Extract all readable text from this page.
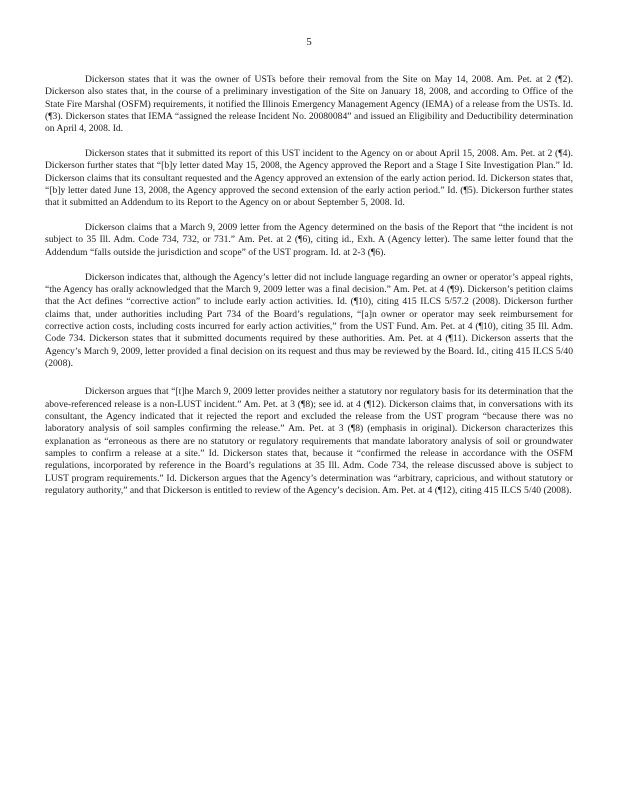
5

Dickerson states that it was the owner of USTs before their removal from the Site on May 14, 2008. Am. Pet. at 2 (¶2). Dickerson also states that, in the course of a preliminary investigation of the Site on January 18, 2008, and according to Office of the State Fire Marshal (OSFM) requirements, it notified the Illinois Emergency Management Agency (IEMA) of a release from the USTs. Id. (¶3). Dickerson states that IEMA “assigned the release Incident No. 20080084” and issued an Eligibility and Deductibility determination on April 4, 2008. Id.

Dickerson states that it submitted its report of this UST incident to the Agency on or about April 15, 2008. Am. Pet. at 2 (¶4). Dickerson further states that “[b]y letter dated May 15, 2008, the Agency approved the Report and a Stage I Site Investigation Plan.” Id. Dickerson claims that its consultant requested and the Agency approved an extension of the early action period. Id. Dickerson states that, “[b]y letter dated June 13, 2008, the Agency approved the second extension of the early action period.” Id. (¶5). Dickerson further states that it submitted an Addendum to its Report to the Agency on or about September 5, 2008. Id.

Dickerson claims that a March 9, 2009 letter from the Agency determined on the basis of the Report that “the incident is not subject to 35 Ill. Adm. Code 734, 732, or 731.” Am. Pet. at 2 (¶6), citing id., Exh. A (Agency letter). The same letter found that the Addendum “falls outside the jurisdiction and scope” of the UST program. Id. at 2-3 (¶6).

Dickerson indicates that, although the Agency’s letter did not include language regarding an owner or operator’s appeal rights, “the Agency has orally acknowledged that the March 9, 2009 letter was a final decision.” Am. Pet. at 4 (¶9). Dickerson’s petition claims that the Act defines “corrective action” to include early action activities. Id. (¶10), citing 415 ILCS 5/57.2 (2008). Dickerson further claims that, under authorities including Part 734 of the Board’s regulations, “[a]n owner or operator may seek reimbursement for corrective action costs, including costs incurred for early action activities,” from the UST Fund. Am. Pet. at 4 (¶10), citing 35 Ill. Adm. Code 734. Dickerson states that it submitted documents required by these authorities. Am. Pet. at 4 (¶11). Dickerson asserts that the Agency’s March 9, 2009, letter provided a final decision on its request and thus may be reviewed by the Board. Id., citing 415 ILCS 5/40 (2008).

Dickerson argues that “[t]he March 9, 2009 letter provides neither a statutory nor regulatory basis for its determination that the above-referenced release is a non-LUST incident.” Am. Pet. at 3 (¶8); see id. at 4 (¶12). Dickerson claims that, in conversations with its consultant, the Agency indicated that it rejected the report and excluded the release from the UST program “because there was no laboratory analysis of soil samples confirming the release.” Am. Pet. at 3 (¶8) (emphasis in original). Dickerson characterizes this explanation as “erroneous as there are no statutory or regulatory requirements that mandate laboratory analysis of soil or groundwater samples to confirm a release at a site.” Id. Dickerson states that, because it “confirmed the release in accordance with the OSFM regulations, incorporated by reference in the Board’s regulations at 35 Ill. Adm. Code 734, the release discussed above is subject to LUST program requirements.” Id. Dickerson argues that the Agency’s determination was “arbitrary, capricious, and without statutory or regulatory authority,” and that Dickerson is entitled to review of the Agency’s decision. Am. Pet. at 4 (¶12), citing 415 ILCS 5/40 (2008).
